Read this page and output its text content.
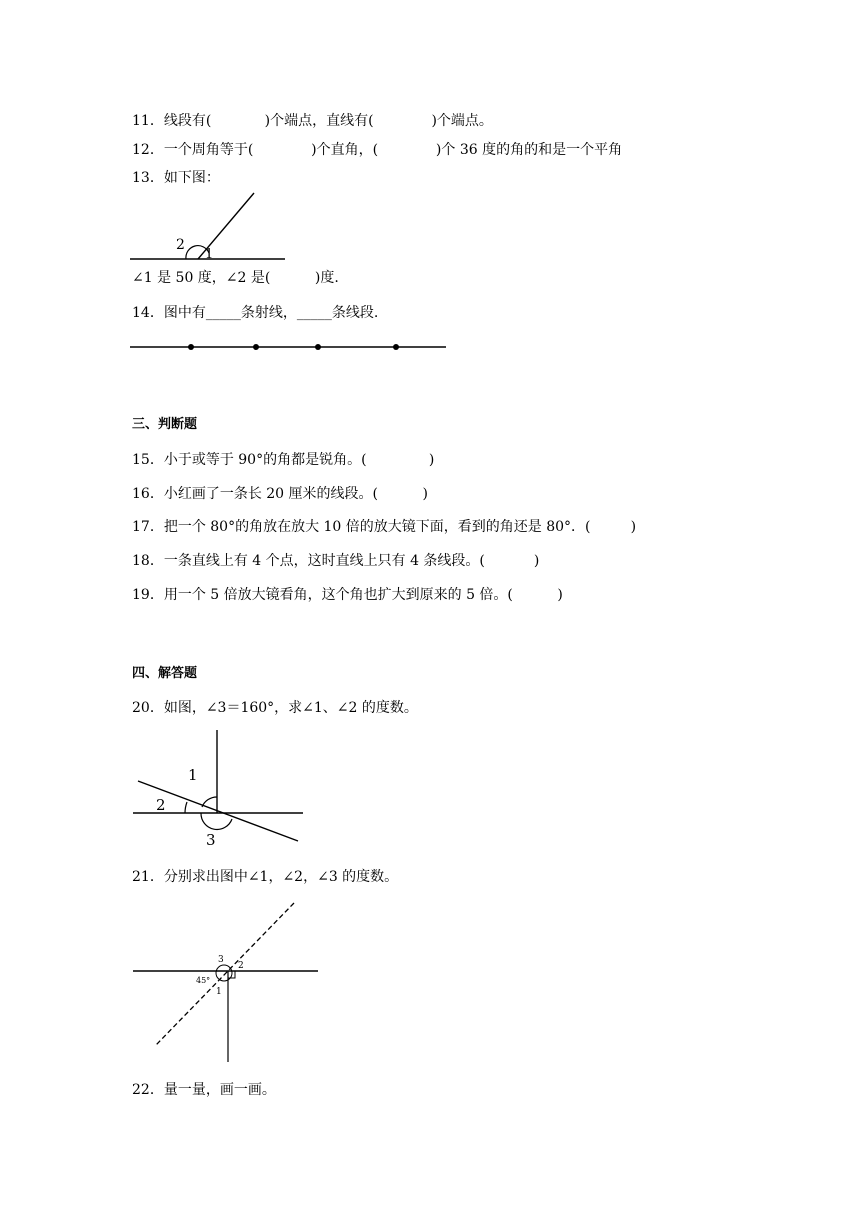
11．线段有(            )个端点，直线有(             )个端点。
12．一个周角等于(             )个直角，(             )个 36 度的角的和是一个平角
13．如下图：
2
1
∠1 是 50 度，∠2 是(          )度.
14．图中有_____条射线，_____条线段.
三、判断题
15．小于或等于 90°的角都是锐角。(              )
16．小红画了一条长 20 厘米的线段。(          )
17．把一个 80°的角放在放大 10 倍的放大镜下面，看到的角还是 80°．(         )
18．一条直线上有 4 个点，这时直线上只有 4 条线段。(           )
19．用一个 5 倍放大镜看角，这个角也扩大到原来的 5 倍。(          )
四、解答题
20．如图，∠3＝160°，求∠1、∠2 的度数。
1
2
3
21．分别求出图中∠1，∠2，∠3 的度数。
3
2
45°
1
22．量一量，画一画。
